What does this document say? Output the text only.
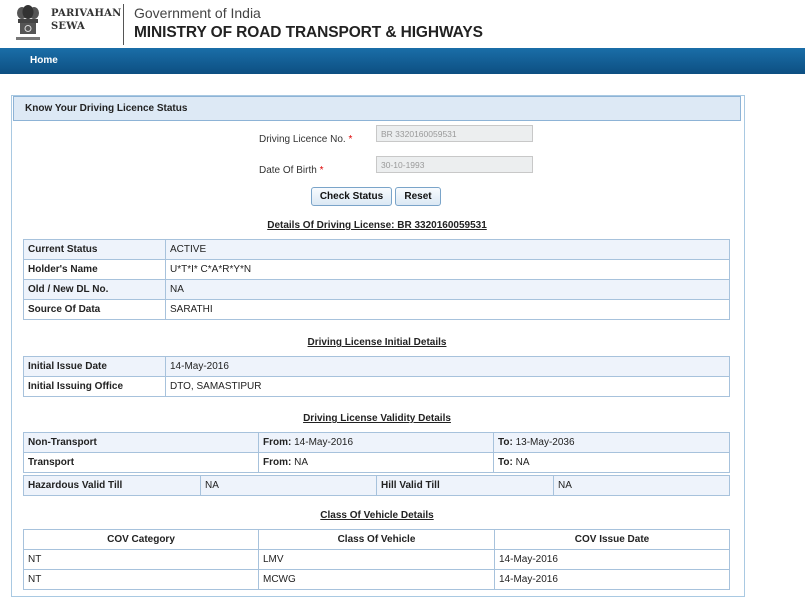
PARIVAHAN
SEWA
Government of India
MINISTRY OF ROAD TRANSPORT & HIGHWAYS
Home
Know Your Driving Licence Status
Driving Licence No. *
BR 3320160059531
Date Of Birth *
30-10-1993
Check Status	Reset
Details Of Driving License: BR 3320160059531
Current Status	ACTIVE
Holder's Name	U*T*I* C*A*R*Y*N
Old / New DL No.	NA
Source Of Data	SARATHI
Driving License Initial Details
Initial Issue Date	14-May-2016
Initial Issuing Office	DTO, SAMASTIPUR
Driving License Validity Details
Non-Transport	From: 14-May-2016	To: 13-May-2036
Transport	From: NA	To: NA
Hazardous Valid Till	NA	Hill Valid Till	NA
Class Of Vehicle Details
COV Category	Class Of Vehicle	COV Issue Date
NT	LMV	14-May-2016
NT	MCWG	14-May-2016
